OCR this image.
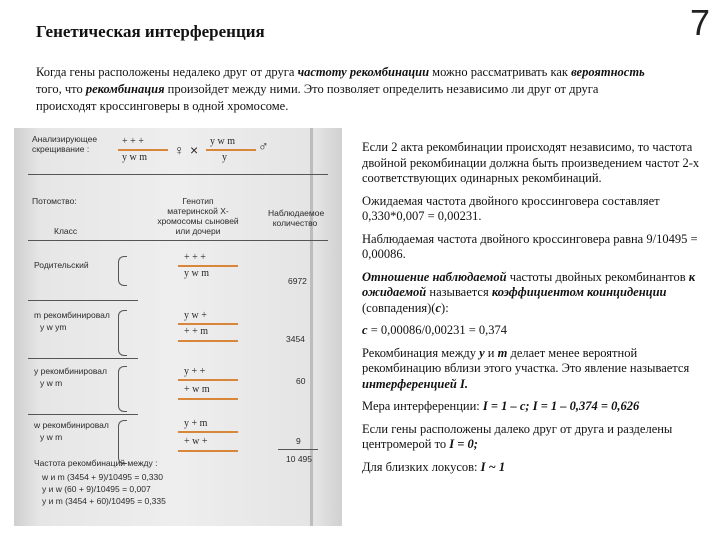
7
Генетическая интерференция

Когда гены расположены недалеко друг от друга частоту рекомбинации можно рассматривать как вероятность того, что рекомбинация произойдет между ними. Это позволяет определить независимо ли друг от друга происходят кроссинговеры в одной хромосоме.

Анализирующее скрещивание :
+ + +
y w m ♀ ×
y w m
y
♂
Потомство:	Генотип материнской Х-хромосомы сыновей или дочери
Наблюдаемое количество
Класс
Родительский
+ + +
y w m
6972
m рекомбинировал
y w ym
y w +
+ + m
3454
y рекомбинировал
y w m
y + +
+ w m
60
w рекомбинировал
y w m
y + m
+ w +	9
10 495
Частота рекомбинаций между :
w и m (3454 + 9)/10495 = 0,330
y и w (60 + 9)/10495 = 0,007
y и m (3454 + 60)/10495 = 0,335

Если 2 акта рекомбинации происходят независимо, то частота двойной рекомбинации должна быть произведением частот 2-х соответствующих одинарных рекомбинаций.

Ожидаемая частота двойного кроссинговера составляет 0,330*0,007 = 0,00231.

Наблюдаемая частота двойного кроссинговера равна 9/10495 = 0,00086.

Отношение наблюдаемой частоты двойных рекомбинантов к ожидаемой называется коэффициентом коинциденции (совпадения)(c):

с = 0,00086/0,00231 = 0,374

Рекомбинация между y и m делает менее вероятной рекомбинацию вблизи этого участка. Это явление называется интерференцией I.

Мера интерференции: I = 1 – c; I = 1 – 0,374 = 0,626

Если гены расположены далеко друг от друга и разделены центромерой то I = 0;

Для близких локусов: I ~ 1
